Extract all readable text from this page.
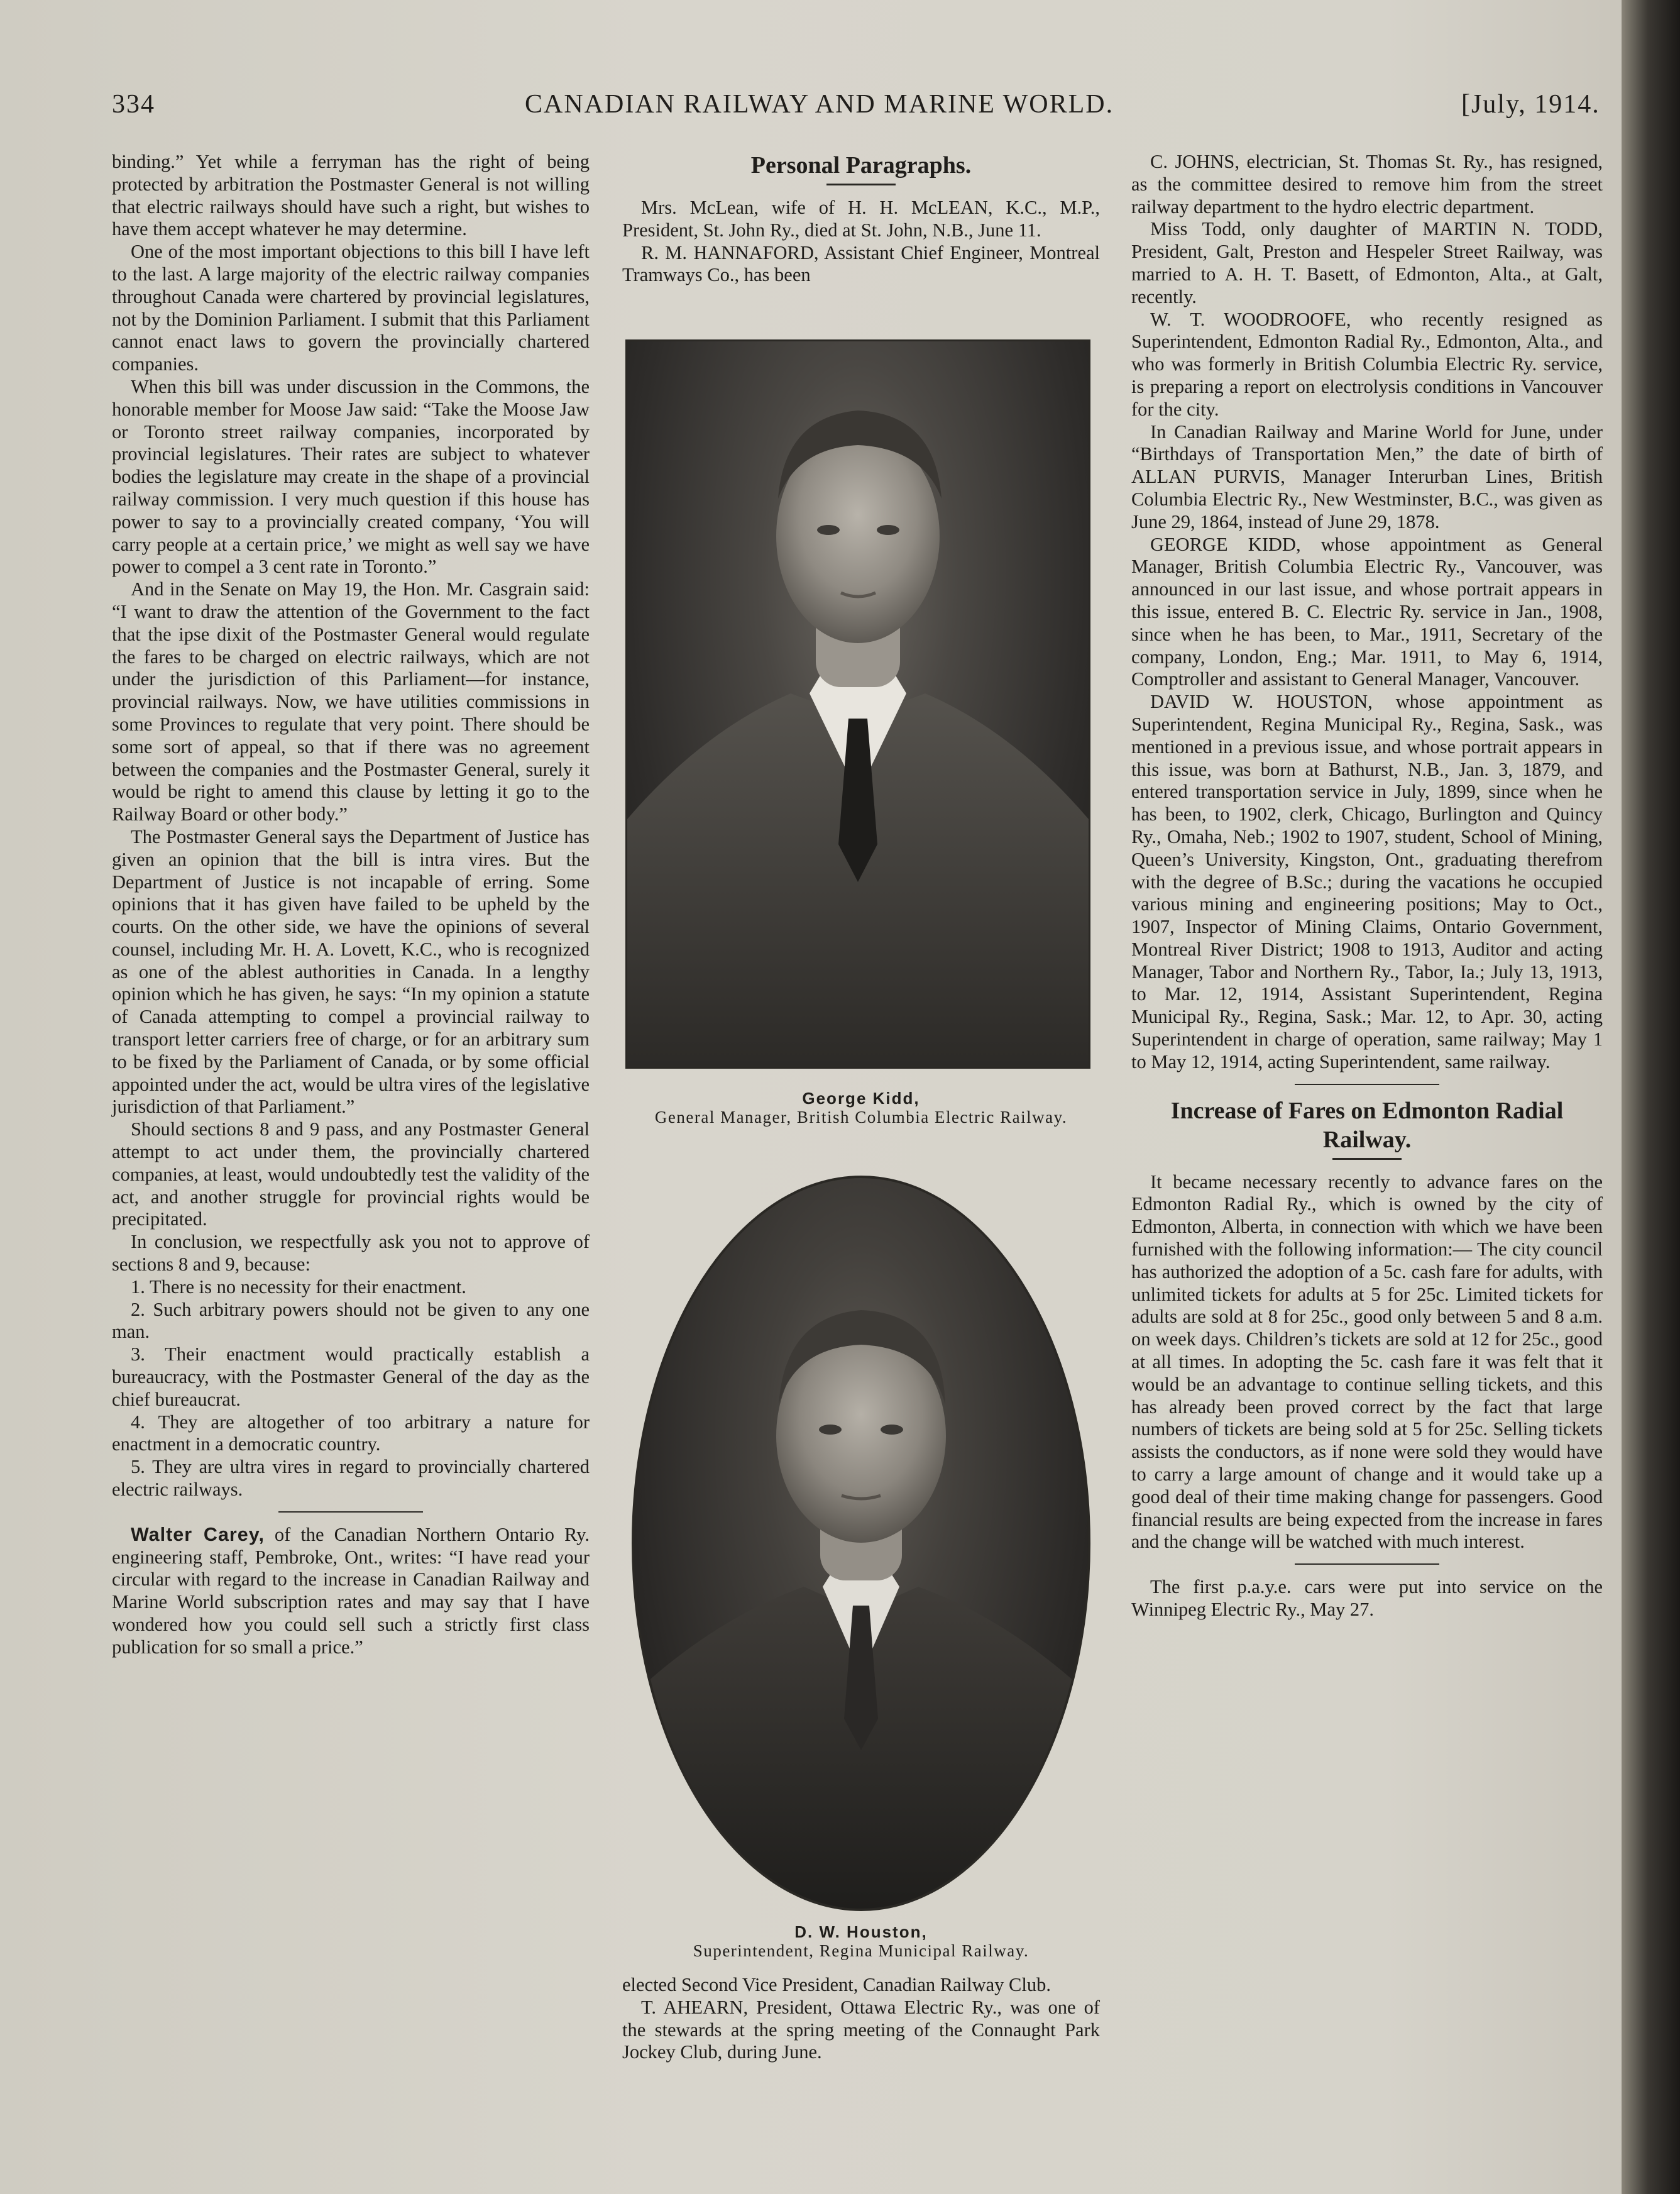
334	CANADIAN RAILWAY AND MARINE WORLD.	[July, 1914.

binding.” Yet while a ferryman has the right of being protected by arbitration the Postmaster General is not willing that electric railways should have such a right, but wishes to have them accept whatever he may determine.

One of the most important objections to this bill I have left to the last. A large majority of the electric railway companies throughout Canada were chartered by provincial legislatures, not by the Dominion Parliament. I submit that this Parliament cannot enact laws to govern the provincially chartered companies.

When this bill was under discussion in the Commons, the honorable member for Moose Jaw said: “Take the Moose Jaw or Toronto street railway companies, incorporated by provincial legislatures. Their rates are subject to whatever bodies the legislature may create in the shape of a provincial railway commission. I very much question if this house has power to say to a provincially created company, ‘You will carry people at a certain price,’ we might as well say we have power to compel a 3 cent rate in Toronto.”

And in the Senate on May 19, the Hon. Mr. Casgrain said: “I want to draw the attention of the Government to the fact that the ipse dixit of the Postmaster General would regulate the fares to be charged on electric railways, which are not under the jurisdiction of this Parliament—for instance, provincial railways. Now, we have utilities commissions in some Provinces to regulate that very point. There should be some sort of appeal, so that if there was no agreement between the companies and the Postmaster General, surely it would be right to amend this clause by letting it go to the Railway Board or other body.”

The Postmaster General says the Department of Justice has given an opinion that the bill is intra vires. But the Department of Justice is not incapable of erring. Some opinions that it has given have failed to be upheld by the courts. On the other side, we have the opinions of several counsel, including Mr. H. A. Lovett, K.C., who is recognized as one of the ablest authorities in Canada. In a lengthy opinion which he has given, he says: “In my opinion a statute of Canada attempting to compel a provincial railway to transport letter carriers free of charge, or for an arbitrary sum to be fixed by the Parliament of Canada, or by some official appointed under the act, would be ultra vires of the legislative jurisdiction of that Parliament.”

Should sections 8 and 9 pass, and any Postmaster General attempt to act under them, the provincially chartered companies, at least, would undoubtedly test the validity of the act, and another struggle for provincial rights would be precipitated.

In conclusion, we respectfully ask you not to approve of sections 8 and 9, because:

1. There is no necessity for their enactment.

2. Such arbitrary powers should not be given to any one man.

3. Their enactment would practically establish a bureaucracy, with the Postmaster General of the day as the chief bureaucrat.

4. They are altogether of too arbitrary a nature for enactment in a democratic country.

5. They are ultra vires in regard to provincially chartered electric railways.

Walter Carey, of the Canadian Northern Ontario Ry. engineering staff, Pembroke, Ont., writes: “I have read your circular with regard to the increase in Canadian Railway and Marine World subscription rates and may say that I have wondered how you could sell such a strictly first class publication for so small a price.”

Personal Paragraphs.

Mrs. McLean, wife of H. H. McLEAN, K.C., M.P., President, St. John Ry., died at St. John, N.B., June 11.

R. M. HANNAFORD, Assistant Chief Engineer, Montreal Tramways Co., has been

George Kidd,
General Manager, British Columbia Electric Railway.
D. W. Houston,
Superintendent, Regina Municipal Railway.

elected Second Vice President, Canadian Railway Club.

T. AHEARN, President, Ottawa Electric Ry., was one of the stewards at the spring meeting of the Connaught Park Jockey Club, during June.

C. JOHNS, electrician, St. Thomas St. Ry., has resigned, as the committee desired to remove him from the street railway department to the hydro electric department.

Miss Todd, only daughter of MARTIN N. TODD, President, Galt, Preston and Hespeler Street Railway, was married to A. H. T. Basett, of Edmonton, Alta., at Galt, recently.

W. T. WOODROOFE, who recently resigned as Superintendent, Edmonton Radial Ry., Edmonton, Alta., and who was formerly in British Columbia Electric Ry. service, is preparing a report on electrolysis conditions in Vancouver for the city.

In Canadian Railway and Marine World for June, under “Birthdays of Transportation Men,” the date of birth of ALLAN PURVIS, Manager Interurban Lines, British Columbia Electric Ry., New Westminster, B.C., was given as June 29, 1864, instead of June 29, 1878.

GEORGE KIDD, whose appointment as General Manager, British Columbia Electric Ry., Vancouver, was announced in our last issue, and whose portrait appears in this issue, entered B. C. Electric Ry. service in Jan., 1908, since when he has been, to Mar., 1911, Secretary of the company, London, Eng.; Mar. 1911, to May 6, 1914, Comptroller and assistant to General Manager, Vancouver.

DAVID W. HOUSTON, whose appointment as Superintendent, Regina Municipal Ry., Regina, Sask., was mentioned in a previous issue, and whose portrait appears in this issue, was born at Bathurst, N.B., Jan. 3, 1879, and entered transportation service in July, 1899, since when he has been, to 1902, clerk, Chicago, Burlington and Quincy Ry., Omaha, Neb.; 1902 to 1907, student, School of Mining, Queen’s University, Kingston, Ont., graduating therefrom with the degree of B.Sc.; during the vacations he occupied various mining and engineering positions; May to Oct., 1907, Inspector of Mining Claims, Ontario Government, Montreal River District; 1908 to 1913, Auditor and acting Manager, Tabor and Northern Ry., Tabor, Ia.; July 13, 1913, to Mar. 12, 1914, Assistant Superintendent, Regina Municipal Ry., Regina, Sask.; Mar. 12, to Apr. 30, acting Superintendent in charge of operation, same railway; May 1 to May 12, 1914, acting Superintendent, same railway.

Increase of Fares on Edmonton Radial Railway.

It became necessary recently to advance fares on the Edmonton Radial Ry., which is owned by the city of Edmonton, Alberta, in connection with which we have been furnished with the following information:— The city council has authorized the adoption of a 5c. cash fare for adults, with unlimited tickets for adults at 5 for 25c. Limited tickets for adults are sold at 8 for 25c., good only between 5 and 8 a.m. on week days. Children’s tickets are sold at 12 for 25c., good at all times. In adopting the 5c. cash fare it was felt that it would be an advantage to continue selling tickets, and this has already been proved correct by the fact that large numbers of tickets are being sold at 5 for 25c. Selling tickets assists the conductors, as if none were sold they would have to carry a large amount of change and it would take up a good deal of their time making change for passengers. Good financial results are being expected from the increase in fares and the change will be watched with much interest.

The first p.a.y.e. cars were put into service on the Winnipeg Electric Ry., May 27.
